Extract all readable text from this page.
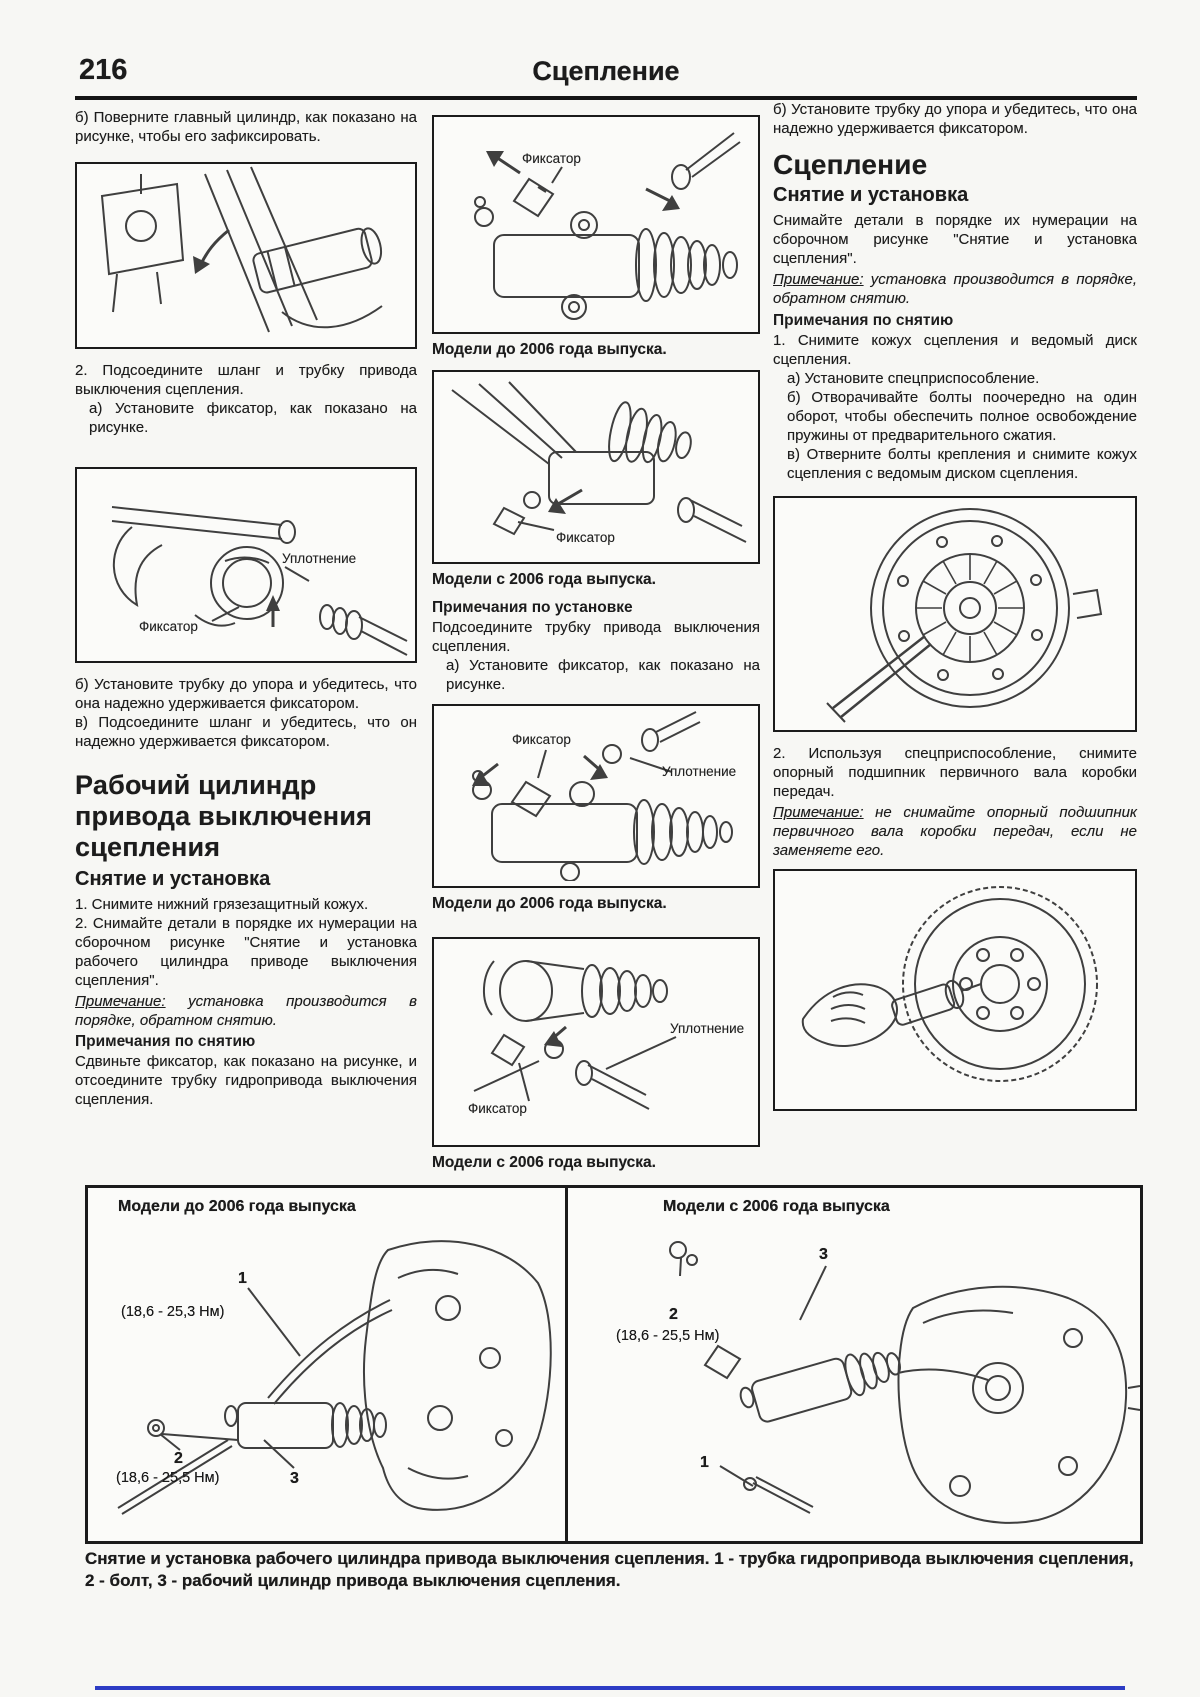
216	Сцепление
б) Поверните главный цилиндр, как показано на рисунке, чтобы его зафиксировать.
2. Подсоедините шланг и трубку привода выключения сцепления.
а) Установите фиксатор, как показано на рисунке.
Уплотнение
Фиксатор
б) Установите трубку до упора и убедитесь, что она надежно удерживается фиксатором.
в) Подсоедините шланг и убедитесь, что он надежно удерживается фиксатором.
Рабочий цилиндр привода выключения сцепления
Снятие и установка
1. Снимите нижний грязезащитный кожух.
2. Снимайте детали в порядке их нумерации на сборочном рисунке "Снятие и установка рабочего цилиндра приводе выключения сцепления".
Примечание: установка производится в порядке, обратном снятию.
Примечания по снятию
Сдвиньте фиксатор, как показано на рисунке, и отсоедините трубку гидропривода выключения сцепления.
Фиксатор
Модели до 2006 года выпуска.
Фиксатор
Модели с 2006 года выпуска.
Примечания по установке
Подсоедините трубку привода выключения сцепления.
а) Установите фиксатор, как показано на рисунке.
Фиксатор
Уплотнение
Модели до 2006 года выпуска.
Уплотнение
Фиксатор
Модели с 2006 года выпуска.
б) Установите трубку до упора и убедитесь, что она надежно удерживается фиксатором.
Сцепление
Снятие и установка
Снимайте детали в порядке их нумерации на сборочном рисунке "Снятие и установка сцепления".
Примечание: установка производится в порядке, обратном снятию.
Примечания по снятию
1. Снимите кожух сцепления и ведомый диск сцепления.
а) Установите спецприспособление.
б) Отворачивайте болты поочередно на один оборот, чтобы обеспечить полное освобождение пружины от предварительного сжатия.
в) Отверните болты крепления и снимите кожух сцепления с ведомым диском сцепления.
2. Используя спецприспособление, снимите опорный подшипник первичного вала коробки передач.
Примечание: не снимайте опорный подшипник первичного вала коробки передач, если не заменяете его.
Модели до 2006 года выпуска
1
(18,6 - 25,3 Нм)
2
(18,6 - 25,5 Нм)	3
Модели с 2006 года выпуска
3
2
(18,6 - 25,5 Нм)
1
Снятие и установка рабочего цилиндра привода выключения сцепления. 1 - трубка гидропривода выключения сцепления, 2 - болт, 3 - рабочий цилиндр привода выключения сцепления.
